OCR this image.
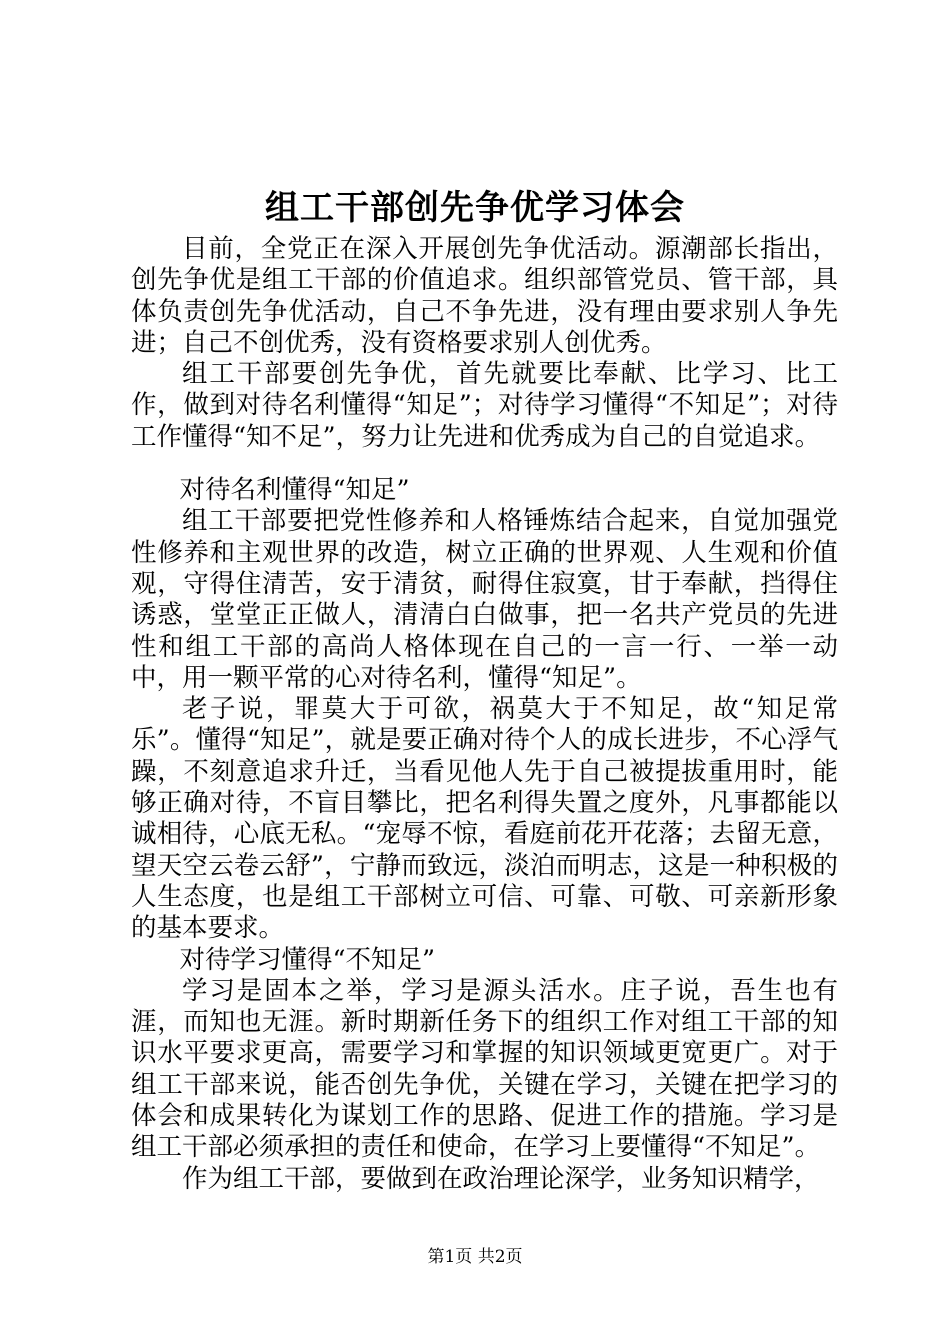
组工干部创先争优学习体会

目前，全党正在深入开展创先争优活动。源潮部长指出，创先争优是组工干部的价值追求。组织部管党员、管干部，具体负责创先争优活动，自己不争先进，没有理由要求别人争先进；自己不创优秀，没有资格要求别人创优秀。

组工干部要创先争优，首先就要比奉献、比学习、比工作，做到对待名利懂得“知足”；对待学习懂得“不知足”；对待工作懂得“知不足”，努力让先进和优秀成为自己的自觉追求。

对待名利懂得“知足”

组工干部要把党性修养和人格锤炼结合起来，自觉加强党性修养和主观世界的改造，树立正确的世界观、人生观和价值观，守得住清苦，安于清贫，耐得住寂寞，甘于奉献，挡得住诱惑，堂堂正正做人，清清白白做事，把一名共产党员的先进性和组工干部的高尚人格体现在自己的一言一行、一举一动中，用一颗平常的心对待名利，懂得“知足”。

老子说，罪莫大于可欲，祸莫大于不知足，故“知足常乐”。懂得“知足”，就是要正确对待个人的成长进步，不心浮气躁，不刻意追求升迁，当看见他人先于自己被提拔重用时，能够正确对待，不盲目攀比，把名利得失置之度外，凡事都能以诚相待，心底无私。“宠辱不惊，看庭前花开花落；去留无意，望天空云卷云舒”，宁静而致远，淡泊而明志，这是一种积极的人生态度，也是组工干部树立可信、可靠、可敬、可亲新形象的基本要求。

对待学习懂得“不知足”

学习是固本之举，学习是源头活水。庄子说，吾生也有涯，而知也无涯。新时期新任务下的组织工作对组工干部的知识水平要求更高，需要学习和掌握的知识领域更宽更广。对于组工干部来说，能否创先争优，关键在学习，关键在把学习的体会和成果转化为谋划工作的思路、促进工作的措施。学习是组工干部必须承担的责任和使命，在学习上要懂得“不知足”。

作为组工干部，要做到在政治理论深学，业务知识精学，

第1页 共2页
